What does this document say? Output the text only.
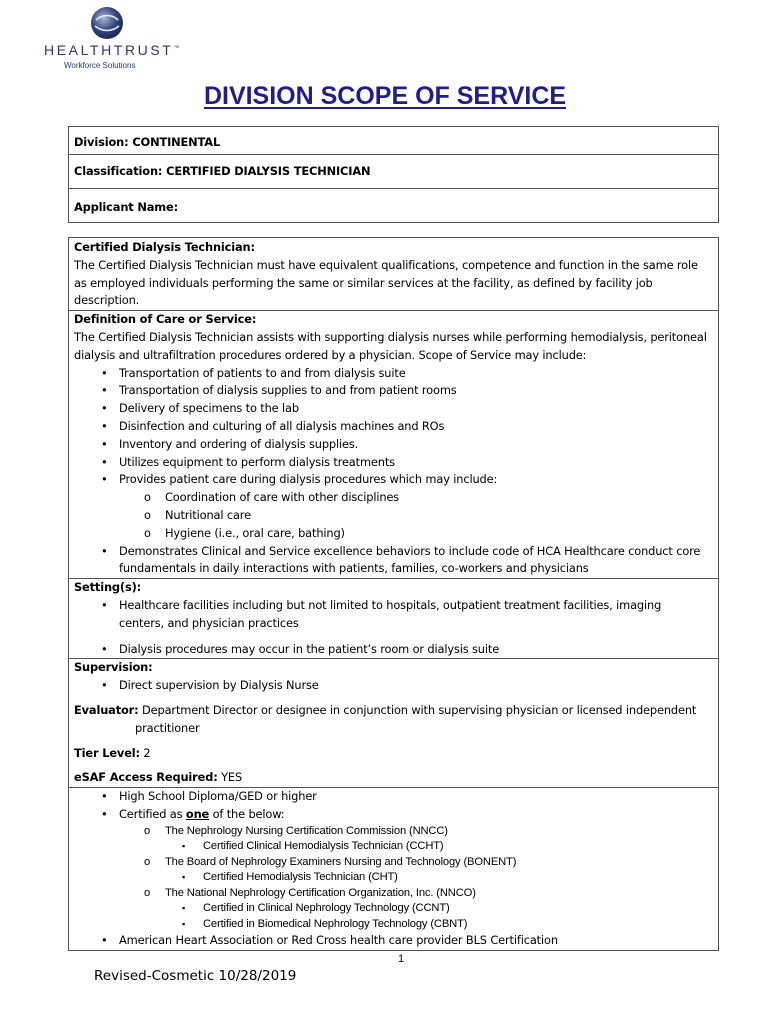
HEALTHTRUST™
Workforce Solutions
DIVISION SCOPE OF SERVICE
Division: CONTINENTAL
Classification: CERTIFIED DIALYSIS TECHNICIAN
Applicant Name:
Certified Dialysis Technician:
The Certified Dialysis Technician must have equivalent qualifications, competence and function in the same role
as employed individuals performing the same or similar services at the facility, as defined by facility job
description.
Definition of Care or Service:
The Certified Dialysis Technician assists with supporting dialysis nurses while performing hemodialysis, peritoneal
dialysis and ultrafiltration procedures ordered by a physician. Scope of Service may include:
• Transportation of patients to and from dialysis suite
• Transportation of dialysis supplies to and from patient rooms
• Delivery of specimens to the lab
• Disinfection and culturing of all dialysis machines and ROs
• Inventory and ordering of dialysis supplies.
• Utilizes equipment to perform dialysis treatments
• Provides patient care during dialysis procedures which may include:
o Coordination of care with other disciplines
o Nutritional care
o Hygiene (i.e., oral care, bathing)
• Demonstrates Clinical and Service excellence behaviors to include code of HCA Healthcare conduct core
fundamentals in daily interactions with patients, families, co-workers and physicians
Setting(s):
• Healthcare facilities including but not limited to hospitals, outpatient treatment facilities, imaging
centers, and physician practices
• Dialysis procedures may occur in the patient’s room or dialysis suite
Supervision:
• Direct supervision by Dialysis Nurse
Evaluator: Department Director or designee in conjunction with supervising physician or licensed independent
practitioner
Tier Level: 2
eSAF Access Required: YES
• High School Diploma/GED or higher
• Certified as one of the below:
o The Nephrology Nursing Certification Commission (NNCC)
▪ Certified Clinical Hemodialysis Technician (CCHT)
o The Board of Nephrology Examiners Nursing and Technology (BONENT)
▪ Certified Hemodialysis Technician (CHT)
o The National Nephrology Certification Organization, Inc. (NNCO)
▪ Certified in Clinical Nephrology Technology (CCNT)
▪ Certified in Biomedical Nephrology Technology (CBNT)
• American Heart Association or Red Cross health care provider BLS Certification
1
Revised-Cosmetic 10/28/2019
